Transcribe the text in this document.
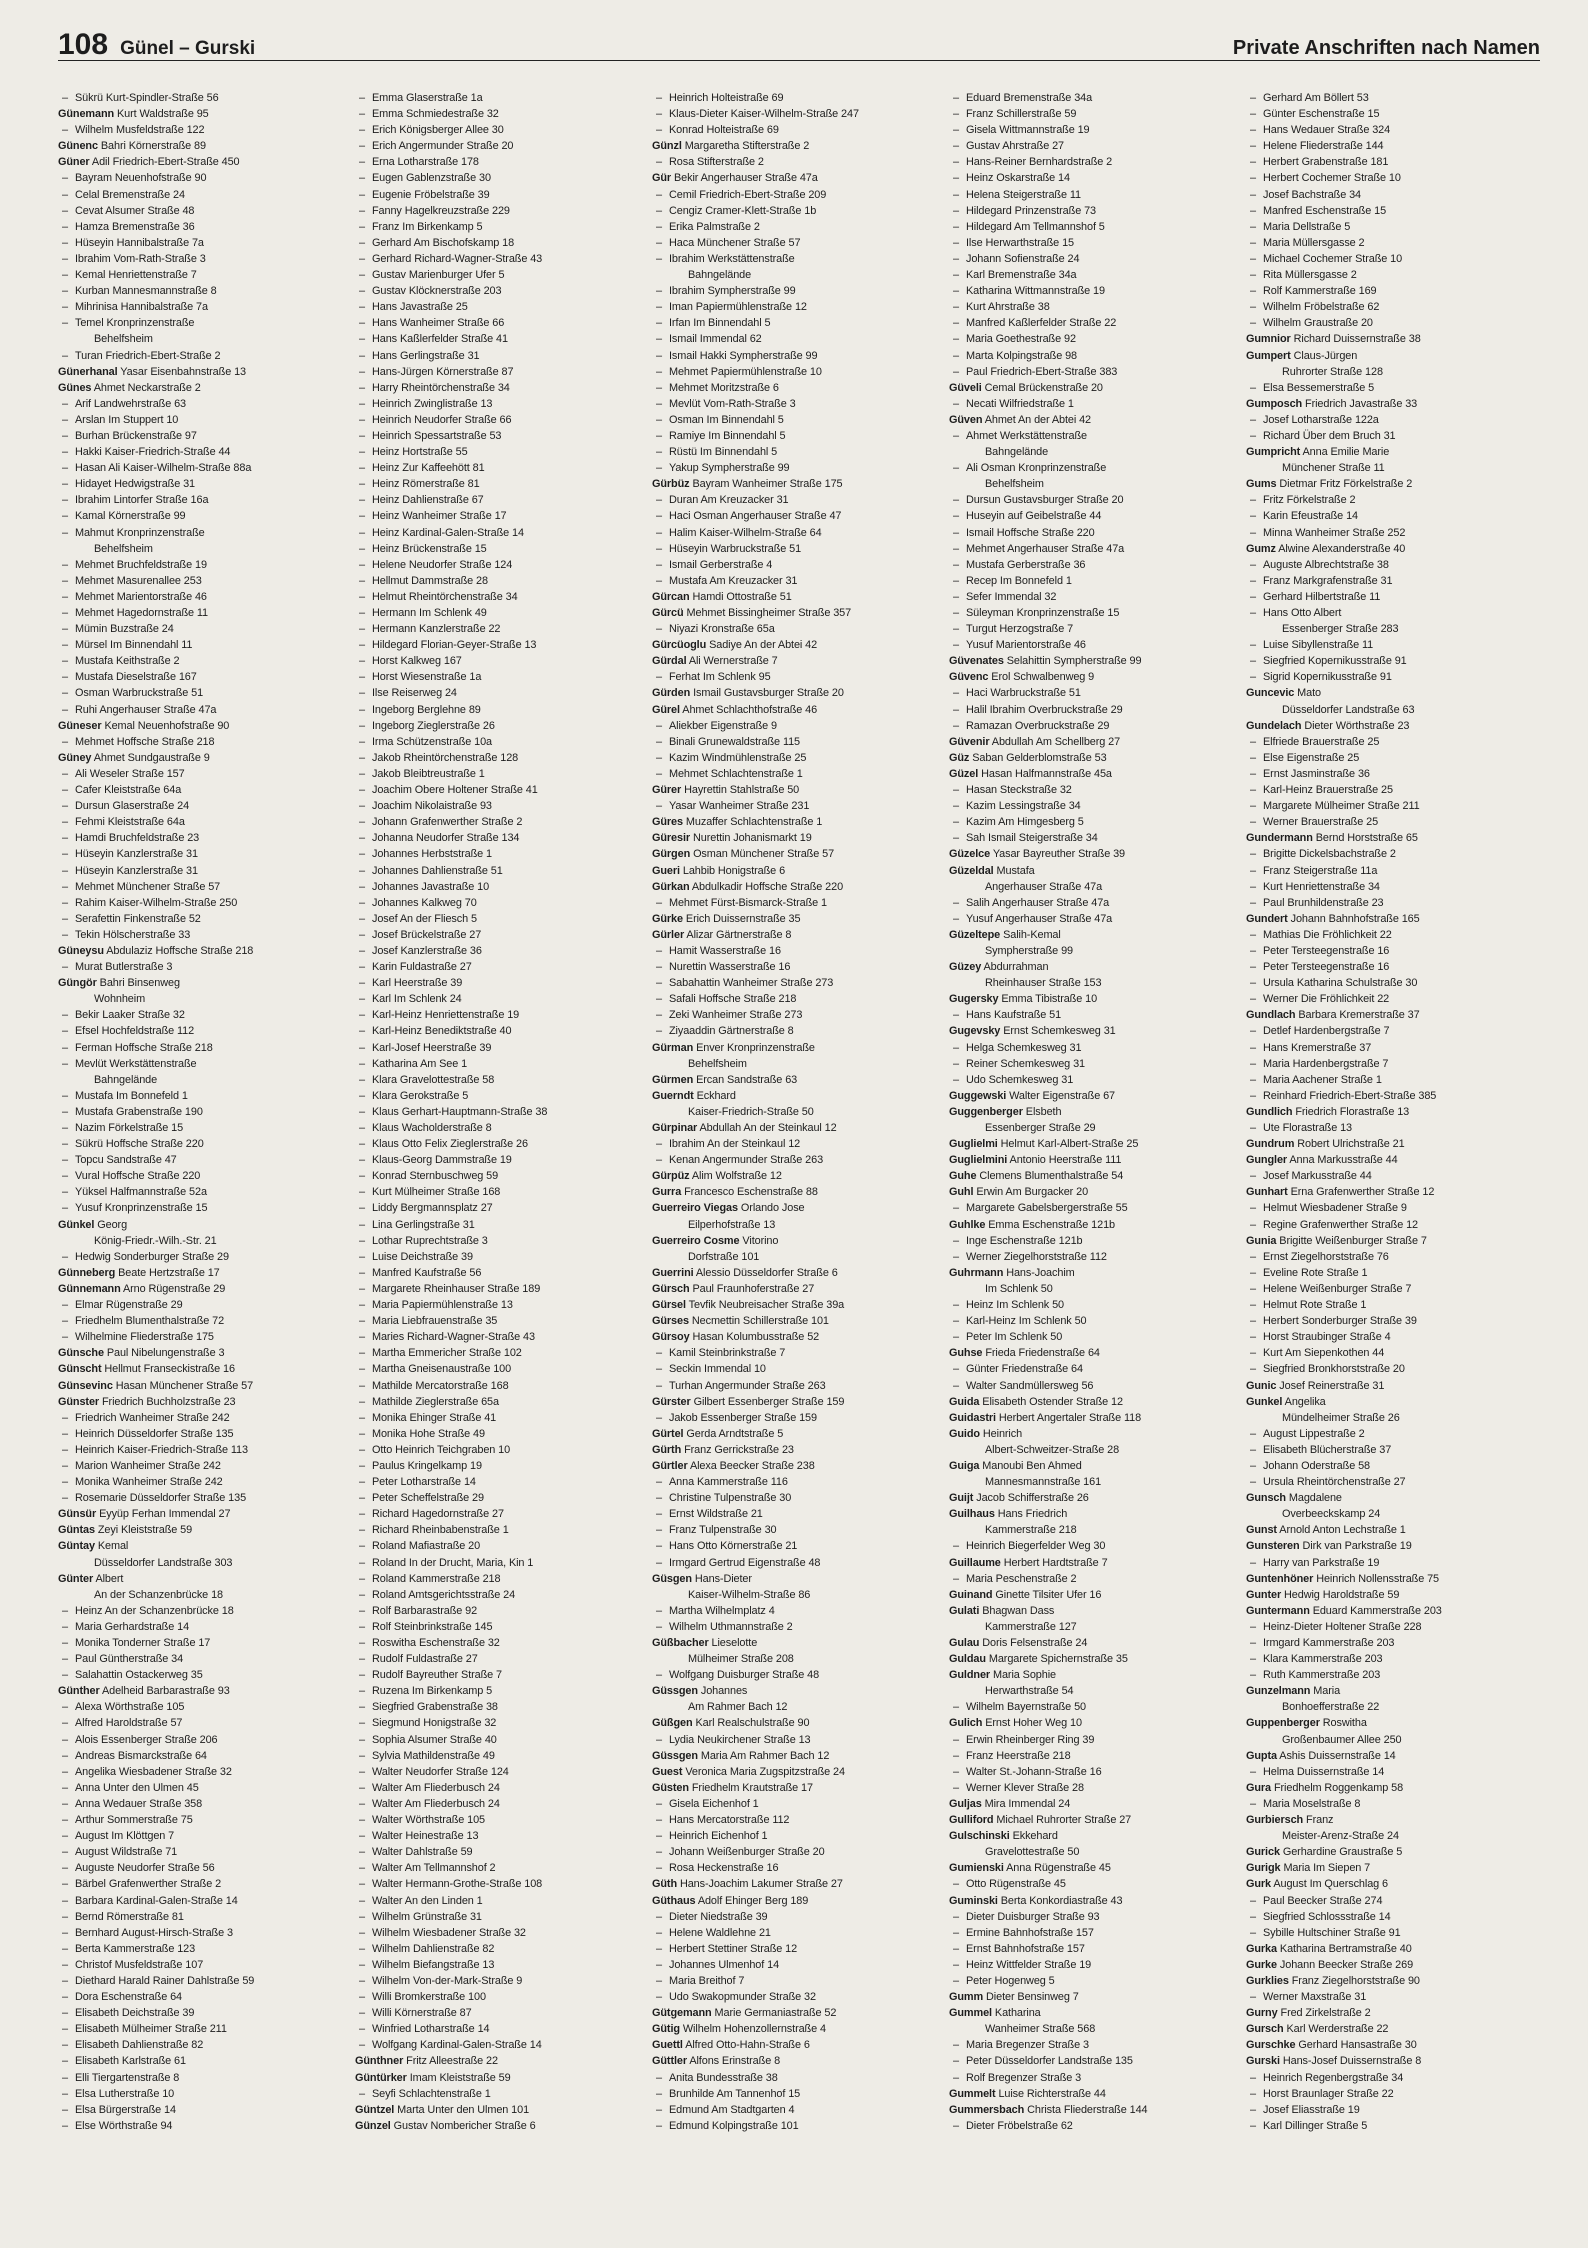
108 Günel – Gurski	Private Anschriften nach Namen
– Sükrü Kurt-Spindler-Straße 56
Günemann Kurt Waldstraße 95
– Wilhelm Musfeldstraße 122
Günenc Bahri Körnerstraße 89
Güner Adil Friedrich-Ebert-Straße 450
– Bayram Neuenhofstraße 90
– Celal Bremenstraße 24
– Cevat Alsumer Straße 48
– Hamza Bremenstraße 36
– Hüseyin Hannibalstraße 7a
– Ibrahim Vom-Rath-Straße 3
– Kemal Henriettenstraße 7
– Kurban Mannesmannstraße 8
– Mihrinisa Hannibalstraße 7a
– Temel Kronprinzenstraße
Behelfsheim
– Turan Friedrich-Ebert-Straße 2
Günerhanal Yasar Eisenbahnstraße 13
Günes Ahmet Neckarstraße 2
– Arif Landwehrstraße 63
– Arslan Im Stuppert 10
– Burhan Brückenstraße 97
– Hakki Kaiser-Friedrich-Straße 44
– Hasan Ali Kaiser-Wilhelm-Straße 88a
– Hidayet Hedwigstraße 31
– Ibrahim Lintorfer Straße 16a
– Kamal Körnerstraße 99
– Mahmut Kronprinzenstraße
Behelfsheim
– Mehmet Bruchfeldstraße 19
– Mehmet Masurenallee 253
– Mehmet Marientorstraße 46
– Mehmet Hagedornstraße 11
– Mümin Buzstraße 24
– Mürsel Im Binnendahl 11
– Mustafa Keithstraße 2
– Mustafa Dieselstraße 167
– Osman Warbruckstraße 51
– Ruhi Angerhauser Straße 47a
Güneser Kemal Neuenhofstraße 90
– Mehmet Hoffsche Straße 218
Güney Ahmet Sundgaustraße 9
– Ali Weseler Straße 157
– Cafer Kleiststraße 64a
– Dursun Glaserstraße 24
– Fehmi Kleiststraße 64a
– Hamdi Bruchfeldstraße 23
– Hüseyin Kanzlerstraße 31
– Hüseyin Kanzlerstraße 31
– Mehmet Münchener Straße 57
– Rahim Kaiser-Wilhelm-Straße 250
– Serafettin Finkenstraße 52
– Tekin Hölscherstraße 33
Güneysu Abdulaziz Hoffsche Straße 218
– Murat Butlerstraße 3
Güngör Bahri Binsenweg
Wohnheim
– Bekir Laaker Straße 32
– Efsel Hochfeldstraße 112
– Ferman Hoffsche Straße 218
– Mevlüt Werkstättenstraße
Bahngelände
– Mustafa Im Bonnefeld 1
– Mustafa Grabenstraße 190
– Nazim Förkelstraße 15
– Sükrü Hoffsche Straße 220
– Topcu Sandstraße 47
– Vural Hoffsche Straße 220
– Yüksel Halfmannstraße 52a
– Yusuf Kronprinzenstraße 15
Günkel Georg
König-Friedr.-Wilh.-Str. 21
– Hedwig Sonderburger Straße 29
Günneberg Beate Hertzstraße 17
Günnemann Arno Rügenstraße 29
– Elmar Rügenstraße 29
– Friedhelm Blumenthalstraße 72
– Wilhelmine Fliederstraße 175
Günsche Paul Nibelungenstraße 3
Günscht Hellmut Franseckistraße 16
Günsevinc Hasan Münchener Straße 57
Günster Friedrich Buchholzstraße 23
– Friedrich Wanheimer Straße 242
– Heinrich Düsseldorfer Straße 135
– Heinrich Kaiser-Friedrich-Straße 113
– Marion Wanheimer Straße 242
– Monika Wanheimer Straße 242
– Rosemarie Düsseldorfer Straße 135
Günsür Eyyüp Ferhan Immendal 27
Güntas Zeyi Kleiststraße 59
Güntay Kemal
Düsseldorfer Landstraße 303
Günter Albert
An der Schanzenbrücke 18
– Heinz An der Schanzenbrücke 18
– Maria Gerhardstraße 14
– Monika Tonderner Straße 17
– Paul Güntherstraße 34
– Salahattin Ostackerweg 35
Günther Adelheid Barbarastraße 93
– Alexa Wörthstraße 105
– Alfred Haroldstraße 57
– Alois Essenberger Straße 206
– Andreas Bismarckstraße 64
– Angelika Wiesbadener Straße 32
– Anna Unter den Ulmen 45
– Anna Wedauer Straße 358
– Arthur Sommerstraße 75
– August Im Klöttgen 7
– August Wildstraße 71
– Auguste Neudorfer Straße 56
– Bärbel Grafenwerther Straße 2
– Barbara Kardinal-Galen-Straße 14
– Bernd Römerstraße 81
– Bernhard August-Hirsch-Straße 3
– Berta Kammerstraße 123
– Christof Musfeldstraße 107
– Diethard Harald Rainer Dahlstraße 59
– Dora Eschenstraße 64
– Elisabeth Deichstraße 39
– Elisabeth Mülheimer Straße 211
– Elisabeth Dahlienstraße 82
– Elisabeth Karlstraße 61
– Elli Tiergartenstraße 8
– Elsa Lutherstraße 10
– Elsa Bürgerstraße 14
– Else Wörthstraße 94
– Emma Glaserstraße 1a
– Emma Schmiedestraße 32
– Erich Königsberger Allee 30
– Erich Angermunder Straße 20
– Erna Lotharstraße 178
– Eugen Gablenzstraße 30
– Eugenie Fröbelstraße 39
– Fanny Hagelkreuzstraße 229
– Franz Im Birkenkamp 5
– Gerhard Am Bischofskamp 18
– Gerhard Richard-Wagner-Straße 43
– Gustav Marienburger Ufer 5
– Gustav Klöcknerstraße 203
– Hans Javastraße 25
– Hans Wanheimer Straße 66
– Hans Kaßlerfelder Straße 41
– Hans Gerlingstraße 31
– Hans-Jürgen Körnerstraße 87
– Harry Rheintörchenstraße 34
– Heinrich Zwinglistraße 13
– Heinrich Neudorfer Straße 66
– Heinrich Spessartstraße 53
– Heinz Hortstraße 55
– Heinz Zur Kaffeehött 81
– Heinz Römerstraße 81
– Heinz Dahlienstraße 67
– Heinz Wanheimer Straße 17
– Heinz Kardinal-Galen-Straße 14
– Heinz Brückenstraße 15
– Helene Neudorfer Straße 124
– Hellmut Dammstraße 28
– Helmut Rheintörchenstraße 34
– Hermann Im Schlenk 49
– Hermann Kanzlerstraße 22
– Hildegard Florian-Geyer-Straße 13
– Horst Kalkweg 167
– Horst Wiesenstraße 1a
– Ilse Reiserweg 24
– Ingeborg Berglehne 89
– Ingeborg Zieglerstraße 26
– Irma Schützenstraße 10a
– Jakob Rheintörchenstraße 128
– Jakob Bleibtreustraße 1
– Joachim Obere Holtener Straße 41
– Joachim Nikolaistraße 93
– Johann Grafenwerther Straße 2
– Johanna Neudorfer Straße 134
– Johannes Herbststraße 1
– Johannes Dahlienstraße 51
– Johannes Javastraße 10
– Johannes Kalkweg 70
– Josef An der Fliesch 5
– Josef Brückelstraße 27
– Josef Kanzlerstraße 36
– Karin Fuldastraße 27
– Karl Heerstraße 39
– Karl Im Schlenk 24
– Karl-Heinz Henriettenstraße 19
– Karl-Heinz Benediktstraße 40
– Karl-Josef Heerstraße 39
– Katharina Am See 1
– Klara Gravelottestraße 58
– Klara Gerokstraße 5
– Klaus Gerhart-Hauptmann-Straße 38
– Klaus Wacholderstraße 8
– Klaus Otto Felix Zieglerstraße 26
– Klaus-Georg Dammstraße 19
– Konrad Sternbuschweg 59
– Kurt Mülheimer Straße 168
– Liddy Bergmannsplatz 27
– Lina Gerlingstraße 31
– Lothar Ruprechtstraße 3
– Luise Deichstraße 39
– Manfred Kaufstraße 56
– Margarete Rheinhauser Straße 189
– Maria Papiermühlenstraße 13
– Maria Liebfrauenstraße 35
– Maries Richard-Wagner-Straße 43
– Martha Emmericher Straße 102
– Martha Gneisenaustraße 100
– Mathilde Mercatorstraße 168
– Mathilde Zieglerstraße 65a
– Monika Ehinger Straße 41
– Monika Hohe Straße 49
– Otto Heinrich Teichgraben 10
– Paulus Kringelkamp 19
– Peter Lotharstraße 14
– Peter Scheffelstraße 29
– Richard Hagedornstraße 27
– Richard Rheinbabenstraße 1
– Roland Mafiastraße 20
– Roland In der Drucht, Maria, Kin 1
– Roland Kammerstraße 218
– Roland Amtsgerichtsstraße 24
– Rolf Barbarastraße 92
– Rolf Steinbrinkstraße 145
– Roswitha Eschenstraße 32
– Rudolf Fuldastraße 27
– Rudolf Bayreuther Straße 7
– Ruzena Im Birkenkamp 5
– Siegfried Grabenstraße 38
– Siegmund Honigstraße 32
– Sophia Alsumer Straße 40
– Sylvia Mathildenstraße 49
– Walter Neudorfer Straße 124
– Walter Am Fliederbusch 24
– Walter Am Fliederbusch 24
– Walter Wörthstraße 105
– Walter Heinestraße 13
– Walter Dahlstraße 59
– Walter Am Tellmannshof 2
– Walter Hermann-Grothe-Straße 108
– Walter An den Linden 1
– Wilhelm Grünstraße 31
– Wilhelm Wiesbadener Straße 32
– Wilhelm Dahlienstraße 82
– Wilhelm Biefangstraße 13
– Wilhelm Von-der-Mark-Straße 9
– Willi Bromkerstraße 100
– Willi Körnerstraße 87
– Winfried Lotharstraße 14
– Wolfgang Kardinal-Galen-Straße 14
Günthner Fritz Alleestraße 22
Güntürker Imam Kleiststraße 59
– Seyfi Schlachtenstraße 1
Güntzel Marta Unter den Ulmen 101
Günzel Gustav Nombericher Straße 6
– Heinrich Holteistraße 69
– Klaus-Dieter Kaiser-Wilhelm-Straße 247
– Konrad Holteistraße 69
Günzl Margaretha Stifterstraße 2
– Rosa Stifterstraße 2
Gür Bekir Angerhauser Straße 47a
– Cemil Friedrich-Ebert-Straße 209
– Cengiz Cramer-Klett-Straße 1b
– Erika Palmstraße 2
– Haca Münchener Straße 57
– Ibrahim Werkstättenstraße
Bahngelände
– Ibrahim Sympherstraße 99
– Iman Papiermühlenstraße 12
– Irfan Im Binnendahl 5
– Ismail Immendal 62
– Ismail Hakki Sympherstraße 99
– Mehmet Papiermühlenstraße 10
– Mehmet Moritzstraße 6
– Mevlüt Vom-Rath-Straße 3
– Osman Im Binnendahl 5
– Ramiye Im Binnendahl 5
– Rüstü Im Binnendahl 5
– Yakup Sympherstraße 99
Gürbüz Bayram Wanheimer Straße 175
– Duran Am Kreuzacker 31
– Haci Osman Angerhauser Straße 47
– Halim Kaiser-Wilhelm-Straße 64
– Hüseyin Warbruckstraße 51
– Ismail Gerberstraße 4
– Mustafa Am Kreuzacker 31
Gürcan Hamdi Ottostraße 51
Gürcü Mehmet Bissingheimer Straße 357
– Niyazi Kronstraße 65a
Gürcüoglu Sadiye An der Abtei 42
Gürdal Ali Wernerstraße 7
– Ferhat Im Schlenk 95
Gürden Ismail Gustavsburger Straße 20
Gürel Ahmet Schlachthofstraße 46
– Aliekber Eigenstraße 9
– Binali Grunewaldstraße 115
– Kazim Windmühlenstraße 25
– Mehmet Schlachtenstraße 1
Gürer Hayrettin Stahlstraße 50
– Yasar Wanheimer Straße 231
Güres Muzaffer Schlachtenstraße 1
Güresir Nurettin Johanismarkt 19
Gürgen Osman Münchener Straße 57
Gueri Lahbib Honigstraße 6
Gürkan Abdulkadir Hoffsche Straße 220
– Mehmet Fürst-Bismarck-Straße 1
Gürke Erich Duissernstraße 35
Gürler Alizar Gärtnerstraße 8
– Hamit Wasserstraße 16
– Nurettin Wasserstraße 16
– Sabahattin Wanheimer Straße 273
– Safali Hoffsche Straße 218
– Zeki Wanheimer Straße 273
– Ziyaaddin Gärtnerstraße 8
Gürman Enver Kronprinzenstraße
Behelfsheim
Gürmen Ercan Sandstraße 63
Guerndt Eckhard
Kaiser-Friedrich-Straße 50
Gürpinar Abdullah An der Steinkaul 12
– Ibrahim An der Steinkaul 12
– Kenan Angermunder Straße 263
Gürpüz Alim Wolfstraße 12
Gurra Francesco Eschenstraße 88
Guerreiro Viegas Orlando Jose
Eilperhofstraße 13
Guerreiro Cosme Vitorino
Dorfstraße 101
Guerrini Alessio Düsseldorfer Straße 6
Gürsch Paul Fraunhoferstraße 27
Gürsel Tevfik Neubreisacher Straße 39a
Gürses Necmettin Schillerstraße 101
Gürsoy Hasan Kolumbusstraße 52
– Kamil Steinbrinkstraße 7
– Seckin Immendal 10
– Turhan Angermunder Straße 263
Gürster Gilbert Essenberger Straße 159
– Jakob Essenberger Straße 159
Gürtel Gerda Arndtstraße 5
Gürth Franz Gerrickstraße 23
Gürtler Alexa Beecker Straße 238
– Anna Kammerstraße 116
– Christine Tulpenstraße 30
– Ernst Wildstraße 21
– Franz Tulpenstraße 30
– Hans Otto Körnerstraße 21
– Irmgard Gertrud Eigenstraße 48
Güsgen Hans-Dieter
Kaiser-Wilhelm-Straße 86
– Martha Wilhelmplatz 4
– Wilhelm Uthmannstraße 2
Güßbacher Lieselotte
Mülheimer Straße 208
– Wolfgang Duisburger Straße 48
Güssgen Johannes
Am Rahmer Bach 12
Güßgen Karl Realschulstraße 90
– Lydia Neukirchener Straße 13
Güssgen Maria Am Rahmer Bach 12
Guest Veronica Maria Zugspitzstraße 24
Güsten Friedhelm Krautstraße 17
– Gisela Eichenhof 1
– Hans Mercatorstraße 112
– Heinrich Eichenhof 1
– Johann Weißenburger Straße 20
– Rosa Heckenstraße 16
Güth Hans-Joachim Lakumer Straße 27
Güthaus Adolf Ehinger Berg 189
– Dieter Niedstraße 39
– Helene Waldlehne 21
– Herbert Stettiner Straße 12
– Johannes Ulmenhof 14
– Maria Breithof 7
– Udo Swakopmunder Straße 32
Gütgemann Marie Germaniastraße 52
Gütig Wilhelm Hohenzollernstraße 4
Guettl Alfred Otto-Hahn-Straße 6
Güttler Alfons Erinstraße 8
– Anita Bundesstraße 38
– Brunhilde Am Tannenhof 15
– Edmund Am Stadtgarten 4
– Edmund Kolpingstraße 101
– Eduard Bremenstraße 34a
– Franz Schillerstraße 59
– Gisela Wittmannstraße 19
– Gustav Ahrstraße 27
– Hans-Reiner Bernhardstraße 2
– Heinz Oskarstraße 14
– Helena Steigerstraße 11
– Hildegard Prinzenstraße 73
– Hildegard Am Tellmannshof 5
– Ilse Herwarthstraße 15
– Johann Sofienstraße 24
– Karl Bremenstraße 34a
– Katharina Wittmannstraße 19
– Kurt Ahrstraße 38
– Manfred Kaßlerfelder Straße 22
– Maria Goethestraße 92
– Marta Kolpingstraße 98
– Paul Friedrich-Ebert-Straße 383
Güveli Cemal Brückenstraße 20
– Necati Wilfriedstraße 1
Güven Ahmet An der Abtei 42
– Ahmet Werkstättenstraße
Bahngelände
– Ali Osman Kronprinzenstraße
Behelfsheim
– Dursun Gustavsburger Straße 20
– Huseyin auf Geibelstraße 44
– Ismail Hoffsche Straße 220
– Mehmet Angerhauser Straße 47a
– Mustafa Gerberstraße 36
– Recep Im Bonnefeld 1
– Sefer Immendal 32
– Süleyman Kronprinzenstraße 15
– Turgut Herzogstraße 7
– Yusuf Marientorstraße 46
Güvenates Selahittin Sympherstraße 99
Güvenc Erol Schwalbenweg 9
– Haci Warbruckstraße 51
– Halil Ibrahim Overbruckstraße 29
– Ramazan Overbruckstraße 29
Güvenir Abdullah Am Schellberg 27
Güz Saban Gelderblomstraße 53
Güzel Hasan Halfmannstraße 45a
– Hasan Steckstraße 32
– Kazim Lessingstraße 34
– Kazim Am Himgesberg 5
– Sah Ismail Steigerstraße 34
Güzelce Yasar Bayreuther Straße 39
Güzeldal Mustafa
Angerhauser Straße 47a
– Salih Angerhauser Straße 47a
– Yusuf Angerhauser Straße 47a
Güzeltepe Salih-Kemal
Sympherstraße 99
Güzey Abdurrahman
Rheinhauser Straße 153
Gugersky Emma Tibistraße 10
– Hans Kaufstraße 51
Gugevsky Ernst Schemkesweg 31
– Helga Schemkesweg 31
– Reiner Schemkesweg 31
– Udo Schemkesweg 31
Guggewski Walter Eigenstraße 67
Guggenberger Elsbeth
Essenberger Straße 29
Guglielmi Helmut Karl-Albert-Straße 25
Guglielmini Antonio Heerstraße 111
Guhe Clemens Blumenthalstraße 54
Guhl Erwin Am Burgacker 20
– Margarete Gabelsbergerstraße 55
Guhlke Emma Eschenstraße 121b
– Inge Eschenstraße 121b
– Werner Ziegelhorststraße 112
Guhrmann Hans-Joachim
Im Schlenk 50
– Heinz Im Schlenk 50
– Karl-Heinz Im Schlenk 50
– Peter Im Schlenk 50
Guhse Frieda Friedenstraße 64
– Günter Friedenstraße 64
– Walter Sandmüllersweg 56
Guida Elisabeth Ostender Straße 12
Guidastri Herbert Angertaler Straße 118
Guido Heinrich
Albert-Schweitzer-Straße 28
Guiga Manoubi Ben Ahmed
Mannesmannstraße 161
Guijt Jacob Schifferstraße 26
Guilhaus Hans Friedrich
Kammerstraße 218
– Heinrich Biegerfelder Weg 30
Guillaume Herbert Hardtstraße 7
– Maria Peschenstraße 2
Guinand Ginette Tilsiter Ufer 16
Gulati Bhagwan Dass
Kammerstraße 127
Gulau Doris Felsenstraße 24
Guldau Margarete Spichernstraße 35
Guldner Maria Sophie
Herwarthstraße 54
– Wilhelm Bayernstraße 50
Gulich Ernst Hoher Weg 10
– Erwin Rheinberger Ring 39
– Franz Heerstraße 218
– Walter St.-Johann-Straße 16
– Werner Klever Straße 28
Guljas Mira Immendal 24
Gulliford Michael Ruhrorter Straße 27
Gulschinski Ekkehard
Gravelottestraße 50
Gumienski Anna Rügenstraße 45
– Otto Rügenstraße 45
Guminski Berta Konkordiastraße 43
– Dieter Duisburger Straße 93
– Ermine Bahnhofstraße 157
– Ernst Bahnhofstraße 157
– Heinz Wittfelder Straße 19
– Peter Hogenweg 5
Gumm Dieter Bensinweg 7
Gummel Katharina
Wanheimer Straße 568
– Maria Bregenzer Straße 3
– Peter Düsseldorfer Landstraße 135
– Rolf Bregenzer Straße 3
Gummelt Luise Richterstraße 44
Gummersbach Christa Fliederstraße 144
– Dieter Fröbelstraße 62
– Gerhard Am Böllert 53
– Günter Eschenstraße 15
– Hans Wedauer Straße 324
– Helene Fliederstraße 144
– Herbert Grabenstraße 181
– Herbert Cochemer Straße 10
– Josef Bachstraße 34
– Manfred Eschenstraße 15
– Maria Dellstraße 5
– Maria Müllersgasse 2
– Michael Cochemer Straße 10
– Rita Müllersgasse 2
– Rolf Kammerstraße 169
– Wilhelm Fröbelstraße 62
– Wilhelm Graustraße 20
Gumnior Richard Duissernstraße 38
Gumpert Claus-Jürgen
Ruhrorter Straße 128
– Elsa Bessemerstraße 5
Gumposch Friedrich Javastraße 33
– Josef Lotharstraße 122a
– Richard Über dem Bruch 31
Gumpricht Anna Emilie Marie
Münchener Straße 11
Gums Dietmar Fritz Förkelstraße 2
– Fritz Förkelstraße 2
– Karin Efeustraße 14
– Minna Wanheimer Straße 252
Gumz Alwine Alexanderstraße 40
– Auguste Albrechtstraße 38
– Franz Markgrafenstraße 31
– Gerhard Hilbertstraße 11
– Hans Otto Albert
Essenberger Straße 283
– Luise Sibyllenstraße 11
– Siegfried Kopernikusstraße 91
– Sigrid Kopernikusstraße 91
Guncevic Mato
Düsseldorfer Landstraße 63
Gundelach Dieter Wörthstraße 23
– Elfriede Brauerstraße 25
– Else Eigenstraße 25
– Ernst Jasminstraße 36
– Karl-Heinz Brauerstraße 25
– Margarete Mülheimer Straße 211
– Werner Brauerstraße 25
Gundermann Bernd Horststraße 65
– Brigitte Dickelsbachstraße 2
– Franz Steigerstraße 11a
– Kurt Henriettenstraße 34
– Paul Brunhildenstraße 23
Gundert Johann Bahnhofstraße 165
– Mathias Die Fröhlichkeit 22
– Peter Tersteegenstraße 16
– Peter Tersteegenstraße 16
– Ursula Katharina Schulstraße 30
– Werner Die Fröhlichkeit 22
Gundlach Barbara Kremerstraße 37
– Detlef Hardenbergstraße 7
– Hans Kremerstraße 37
– Maria Hardenbergstraße 7
– Maria Aachener Straße 1
– Reinhard Friedrich-Ebert-Straße 385
Gundlich Friedrich Florastraße 13
– Ute Florastraße 13
Gundrum Robert Ulrichstraße 21
Gungler Anna Markusstraße 44
– Josef Markusstraße 44
Gunhart Erna Grafenwerther Straße 12
– Helmut Wiesbadener Straße 9
– Regine Grafenwerther Straße 12
Gunia Brigitte Weißenburger Straße 7
– Ernst Ziegelhorststraße 76
– Eveline Rote Straße 1
– Helene Weißenburger Straße 7
– Helmut Rote Straße 1
– Herbert Sonderburger Straße 39
– Horst Straubinger Straße 4
– Kurt Am Siepenkothen 44
– Siegfried Bronkhorststraße 20
Gunic Josef Reinerstraße 31
Gunkel Angelika
Mündelheimer Straße 26
– August Lippestraße 2
– Elisabeth Blücherstraße 37
– Johann Oderstraße 58
– Ursula Rheintörchenstraße 27
Gunsch Magdalene
Overbeeckskamp 24
Gunst Arnold Anton Lechstraße 1
Gunsteren Dirk van Parkstraße 19
– Harry van Parkstraße 19
Guntenhöner Heinrich Nollensstraße 75
Gunter Hedwig Haroldstraße 59
Guntermann Eduard Kammerstraße 203
– Heinz-Dieter Holtener Straße 228
– Irmgard Kammerstraße 203
– Klara Kammerstraße 203
– Ruth Kammerstraße 203
Gunzelmann Maria
Bonhoefferstraße 22
Guppenberger Roswitha
Großenbaumer Allee 250
Gupta Ashis Duissernstraße 14
– Helma Duissernstraße 14
Gura Friedhelm Roggenkamp 58
– Maria Moselstraße 8
Gurbiersch Franz
Meister-Arenz-Straße 24
Gurick Gerhardine Graustraße 5
Gurigk Maria Im Siepen 7
Gurk August Im Querschlag 6
– Paul Beecker Straße 274
– Siegfried Schlossstraße 14
– Sybille Hultschiner Straße 91
Gurka Katharina Bertramstraße 40
Gurke Johann Beecker Straße 269
Gurklies Franz Ziegelhorststraße 90
– Werner Maxstraße 31
Gurny Fred Zirkelstraße 2
Gursch Karl Werderstraße 22
Gurschke Gerhard Hansastraße 30
Gurski Hans-Josef Duissernstraße 8
– Heinrich Regenbergstraße 34
– Horst Braunlager Straße 22
– Josef Eliasstraße 19
– Karl Dillinger Straße 5
